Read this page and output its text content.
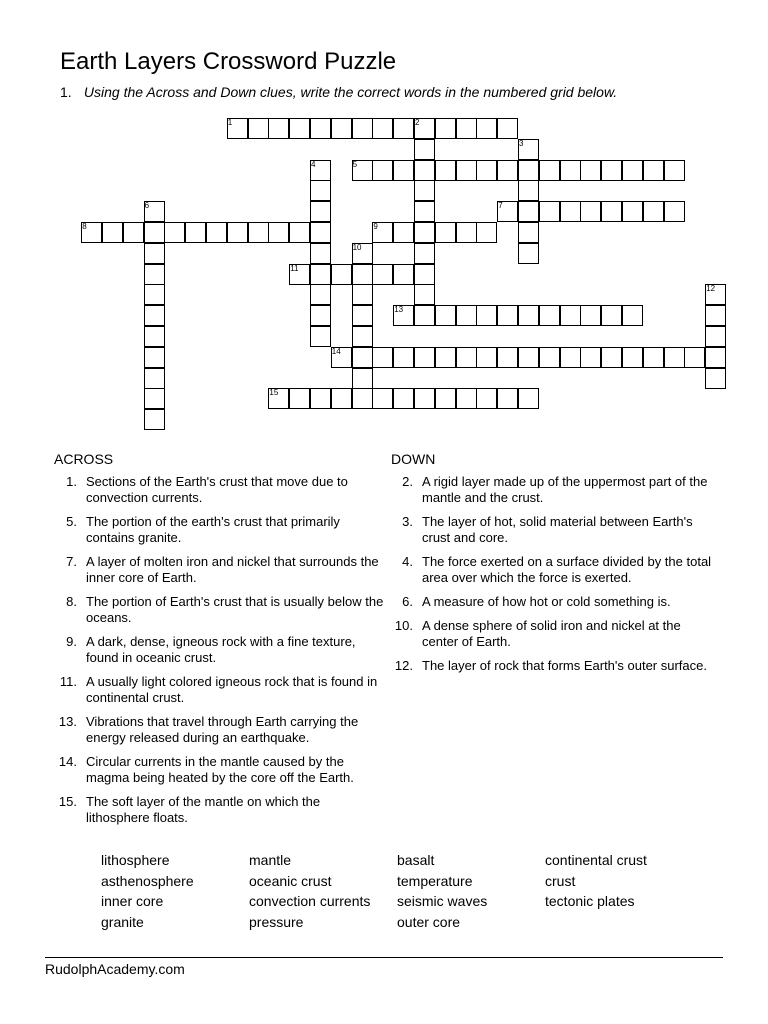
Earth Layers Crossword Puzzle
1. Using the Across and Down clues, write the correct words in the numbered grid below.
1	2
3
4	5
6	7
8	9
10
11
12
13
14
15
ACROSS	DOWN
1. Sections of the Earth's crust that move due to convection currents.
5. The portion of the earth's crust that primarily contains granite.
7. A layer of molten iron and nickel that surrounds the inner core of Earth.
8. The portion of Earth's crust that is usually below the oceans.
9. A dark, dense, igneous rock with a fine texture, found in oceanic crust.
11. A usually light colored igneous rock that is found in continental crust.
13. Vibrations that travel through Earth carrying the energy released during an earthquake.
14. Circular currents in the mantle caused by the magma being heated by the core off the Earth.
15. The soft layer of the mantle on which the lithosphere floats.
2. A rigid layer made up of the uppermost part of the mantle and the crust.
3. The layer of hot, solid material between Earth's crust and core.
4. The force exerted on a surface divided by the total area over which the force is exerted.
6. A measure of how hot or cold something is.
10. A dense sphere of solid iron and nickel at the center of Earth.
12. The layer of rock that forms Earth's outer surface.
lithosphere	mantle	basalt	continental crust
asthenosphere	oceanic crust	temperature	crust
inner core	convection currents	seismic waves	tectonic plates
granite	pressure	outer core
RudolphAcademy.com
